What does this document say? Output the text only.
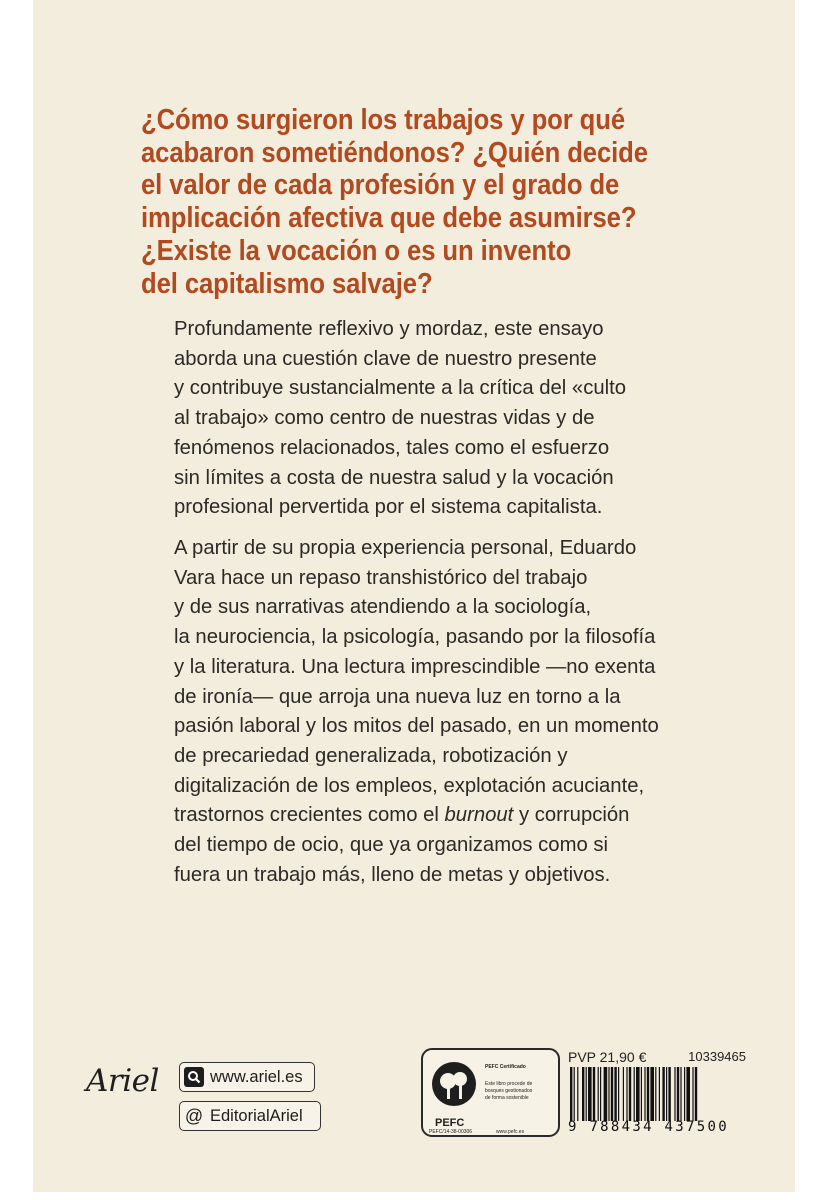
¿Cómo surgieron los trabajos y por qué
acabaron sometiéndonos? ¿Quién decide
el valor de cada profesión y el grado de
implicación afectiva que debe asumirse?
¿Existe la vocación o es un invento
del capitalismo salvaje?
Profundamente reflexivo y mordaz, este ensayo
aborda una cuestión clave de nuestro presente
y contribuye sustancialmente a la crítica del «culto
al trabajo» como centro de nuestras vidas y de
fenómenos relacionados, tales como el esfuerzo
sin límites a costa de nuestra salud y la vocación
profesional pervertida por el sistema capitalista.
A partir de su propia experiencia personal, Eduardo
Vara hace un repaso transhistórico del trabajo
y de sus narrativas atendiendo a la sociología,
la neurociencia, la psicología, pasando por la filosofía
y la literatura. Una lectura imprescindible —no exenta
de ironía— que arroja una nueva luz en torno a la
pasión laboral y los mitos del pasado, en un momento
de precariedad generalizada, robotización y
digitalización de los empleos, explotación acuciante,
trastornos crecientes como el burnout y corrupción
del tiempo de ocio, que ya organizamos como si
fuera un trabajo más, lleno de metas y objetivos.
Ariel	www.ariel.es
@ EditorialAriel	PEFC
PEFC Certificado
Este libro procede de
bosques gestionados
de forma sostenible
PEFC/14-38-00306	www.pefc.es
PVP 21,90 €	10339465
9 788434 437500
